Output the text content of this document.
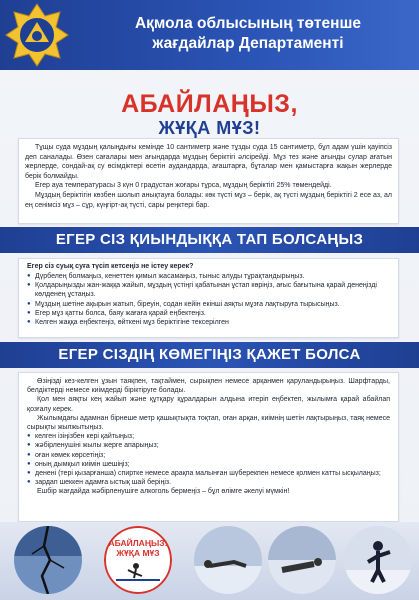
Ақмола облысының төтенше
жағдайлар Департаменті
АБАЙЛАҢЫЗ,
ЖҰҚА МҰЗ!

Тұщы суда мұздың қалыңдығы кемінде 10 сантиметр және тұзды суда 15 сантиметр, бұл адам үшін қауіпсіз деп саналады. Өзен сағалары мен ағындарда мұздың беріктігі әлсірейді. Мұз тез және ағынды сулар ағатын жерлерде, сондай-ақ су өсімдіктері өсетін аудандарда, ағаштарға, бұталар мен қамыстарға жақын жерлерде берік болмайды.

Егер ауа температурасы 3 күн 0 градустан жоғары тұрса, мұздың беріктігі 25% төмендейді.

Мұздың беріктігін көзбен шолып анықтауға болады: көк түсті мұз – берік, ақ түсті мұздың беріктігі 2 есе аз, ал ең сенімсіз мұз – сұр, күңгірт-ақ түсті, сары реңктері бар.

ЕГЕР СІЗ ҚИЫНДЫҚҚА ТАП БОЛСАҢЫЗ
Егер сіз суық суға түсіп кетсеңіз не істеу керек?
● Дүрбелең болмаңыз, кенеттен қимыл жасамаңыз, тыныс алуды тұрақтандырыңыз.
● Қолдарыңызды жан-жаққа жайып, мұздың үстіңгі қабатынан ұстап көріңіз, ағыс бағытына қарай денеңізді көлденең ұстаңыз.
● Мұздың шетіне ақырын жатып, біреуін, содан кейін екінші аяқты мұзға лақтыруға тырысыңыз.
● Егер мұз қатты болса, баяу жағаға қарай еңбектеңіз.
● Келген жаққа еңбектеңіз, өйткені мұз беріктігіне тексерілген
ЕГЕР СІЗДІҢ КӨМЕГІҢІЗ ҚАЖЕТ БОЛСА

Өзіңізді кез-келген ұзын таяқпен, тақтаймен, сырықпен немесе арқанмен қаруландырыңыз. Шарфтарды, белдіктерді немесе киімдерді біріктіруге болады.

Қол мен аяқты кең жайып және құтқару құралдарын алдына итеріп еңбектеп, жылымға қарай абайлап қозғалу керек.

Жылымдағы адамнан бірнеше метр қашықтықта тоқтап, оған арқан, киімнің шетін лақтырыңыз, таяқ немесе сырықты жылжытыңыз.

● келген ізіңізбен кері қайтыңыз;
● жәбірленушіні жылы жерге апарыңыз;
● оған көмек көрсетіңіз;
● оның дымқыл киімін шешіңіз;
● денені (тері қызарғанша) спиртке немесе арақпа малынған шүберекпен немесе қолмен катты ысқылаңыз;
● зардап шеккен адамға ыстық шай беріңіз.

Ешбір жағдайда жәбірленушіге алкоголь бермеңіз – бұл өлімге әкелуі мүмкін!

АБАЙЛАҢЫЗ!
ЖҰҚА МҰЗ
